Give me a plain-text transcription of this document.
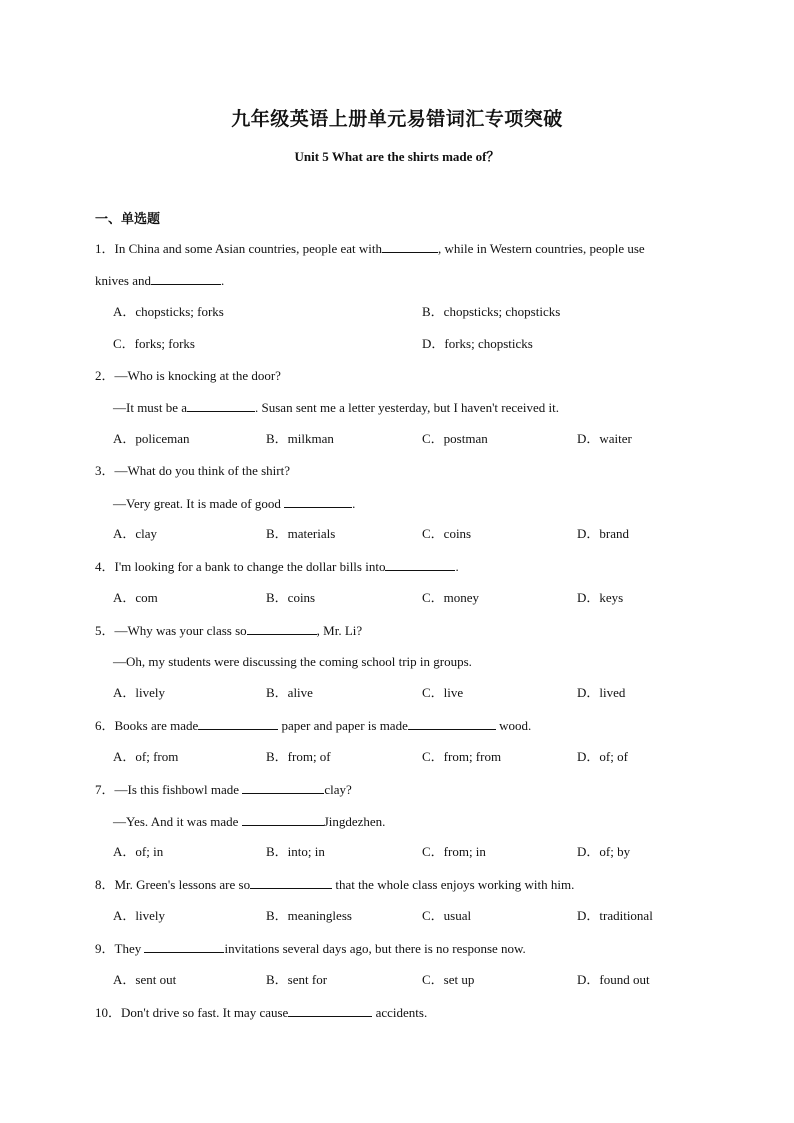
九年级英语上册单元易错词汇专项突破
Unit 5 What are the shirts made of？
一、单选题
1．In China and some Asian countries, people eat with	, while in Western countries, people use
knives and	.
A．chopsticks; forks	B．chopsticks; chopsticks
C．forks; forks	D．forks; chopsticks
2．—Who is knocking at the door?
—It must be a	. Susan sent me a letter yesterday, but I haven't received it.
A．policeman	B．milkman	C．postman	D．waiter
3．—What do you think of the shirt?
—Very great. It is made of good	.
A．clay	B．materials	C．coins	D．brand
4．I'm looking for a bank to change the dollar bills into	.
A．com	B．coins	C．money	D．keys
5．—Why was your class so	, Mr. Li?
—Oh, my students were discussing the coming school trip in groups.
A．lively	B．alive	C．live	D．lived
6．Books are made	paper and paper is made	wood.
A．of; from	B．from; of	C．from; from	D．of; of
7．—Is this fishbowl made	clay?
—Yes. And it was made	Jingdezhen.
A．of; in	B．into; in	C．from; in	D．of; by
8．Mr. Green's lessons are so	that the whole class enjoys working with him.
A．lively	B．meaningless	C．usual	D．traditional
9．They	invitations several days ago, but there is no response now.
A．sent out	B．sent for	C．set up	D．found out
10．Don't drive so fast. It may cause	accidents.
